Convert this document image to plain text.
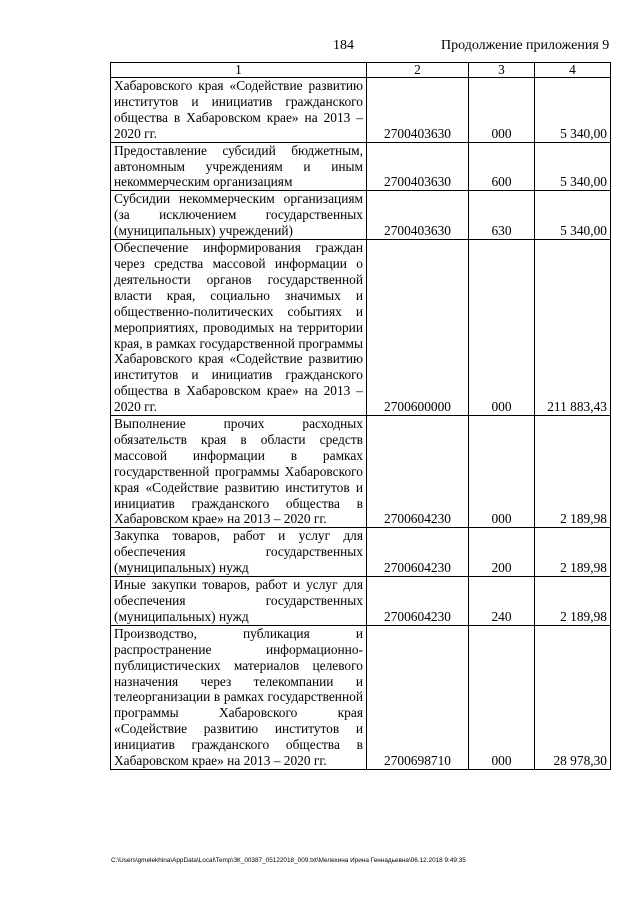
184	Продолжение приложения 9
1	2	3	4
Хабаровского края «Содействие развитию институтов и инициатив гражданского общества в Хабаровском крае» на 2013 – 2020 гг.	2700403630	000	5 340,00
Предоставление субсидий бюджетным, автономным учреждениям и иным некоммерческим организациям	2700403630	600	5 340,00
Субсидии некоммерческим организациям (за исключением государственных (муниципальных) учреждений)	2700403630	630	5 340,00
Обеспечение информирования граждан через средства массовой информации о деятельности органов государственной власти края, социально значимых и общественно-политических событиях и мероприятиях, проводимых на территории края, в рамках государственной программы Хабаровского края «Содействие развитию институтов и инициатив гражданского общества в Хабаровском крае» на 2013 – 2020 гг.	2700600000	000	211 883,43
Выполнение прочих расходных обязательств края в области средств массовой информации в рамках государственной программы Хабаровского края «Содействие развитию институтов и инициатив гражданского общества в Хабаровском крае» на 2013 – 2020 гг.	2700604230	000	2 189,98
Закупка товаров, работ и услуг для обеспечения государственных (муниципальных) нужд	2700604230	200	2 189,98
Иные закупки товаров, работ и услуг для обеспечения государственных (муниципальных) нужд	2700604230	240	2 189,98
Производство, публикация и распространение информационно-публицистических материалов целевого назначения через телекомпании и телеорганизации в рамках государственной программы Хабаровского края «Содействие развитию институтов и инициатив гражданского общества в Хабаровском крае» на 2013 – 2020 гг.	2700698710	000	28 978,30
C:\Users\gmelekhina\AppData\Local\Temp\ЗК_00387_05122018_009.txt\Мелехина Ирина Геннадьевна\06.12.2018 9:49:35
